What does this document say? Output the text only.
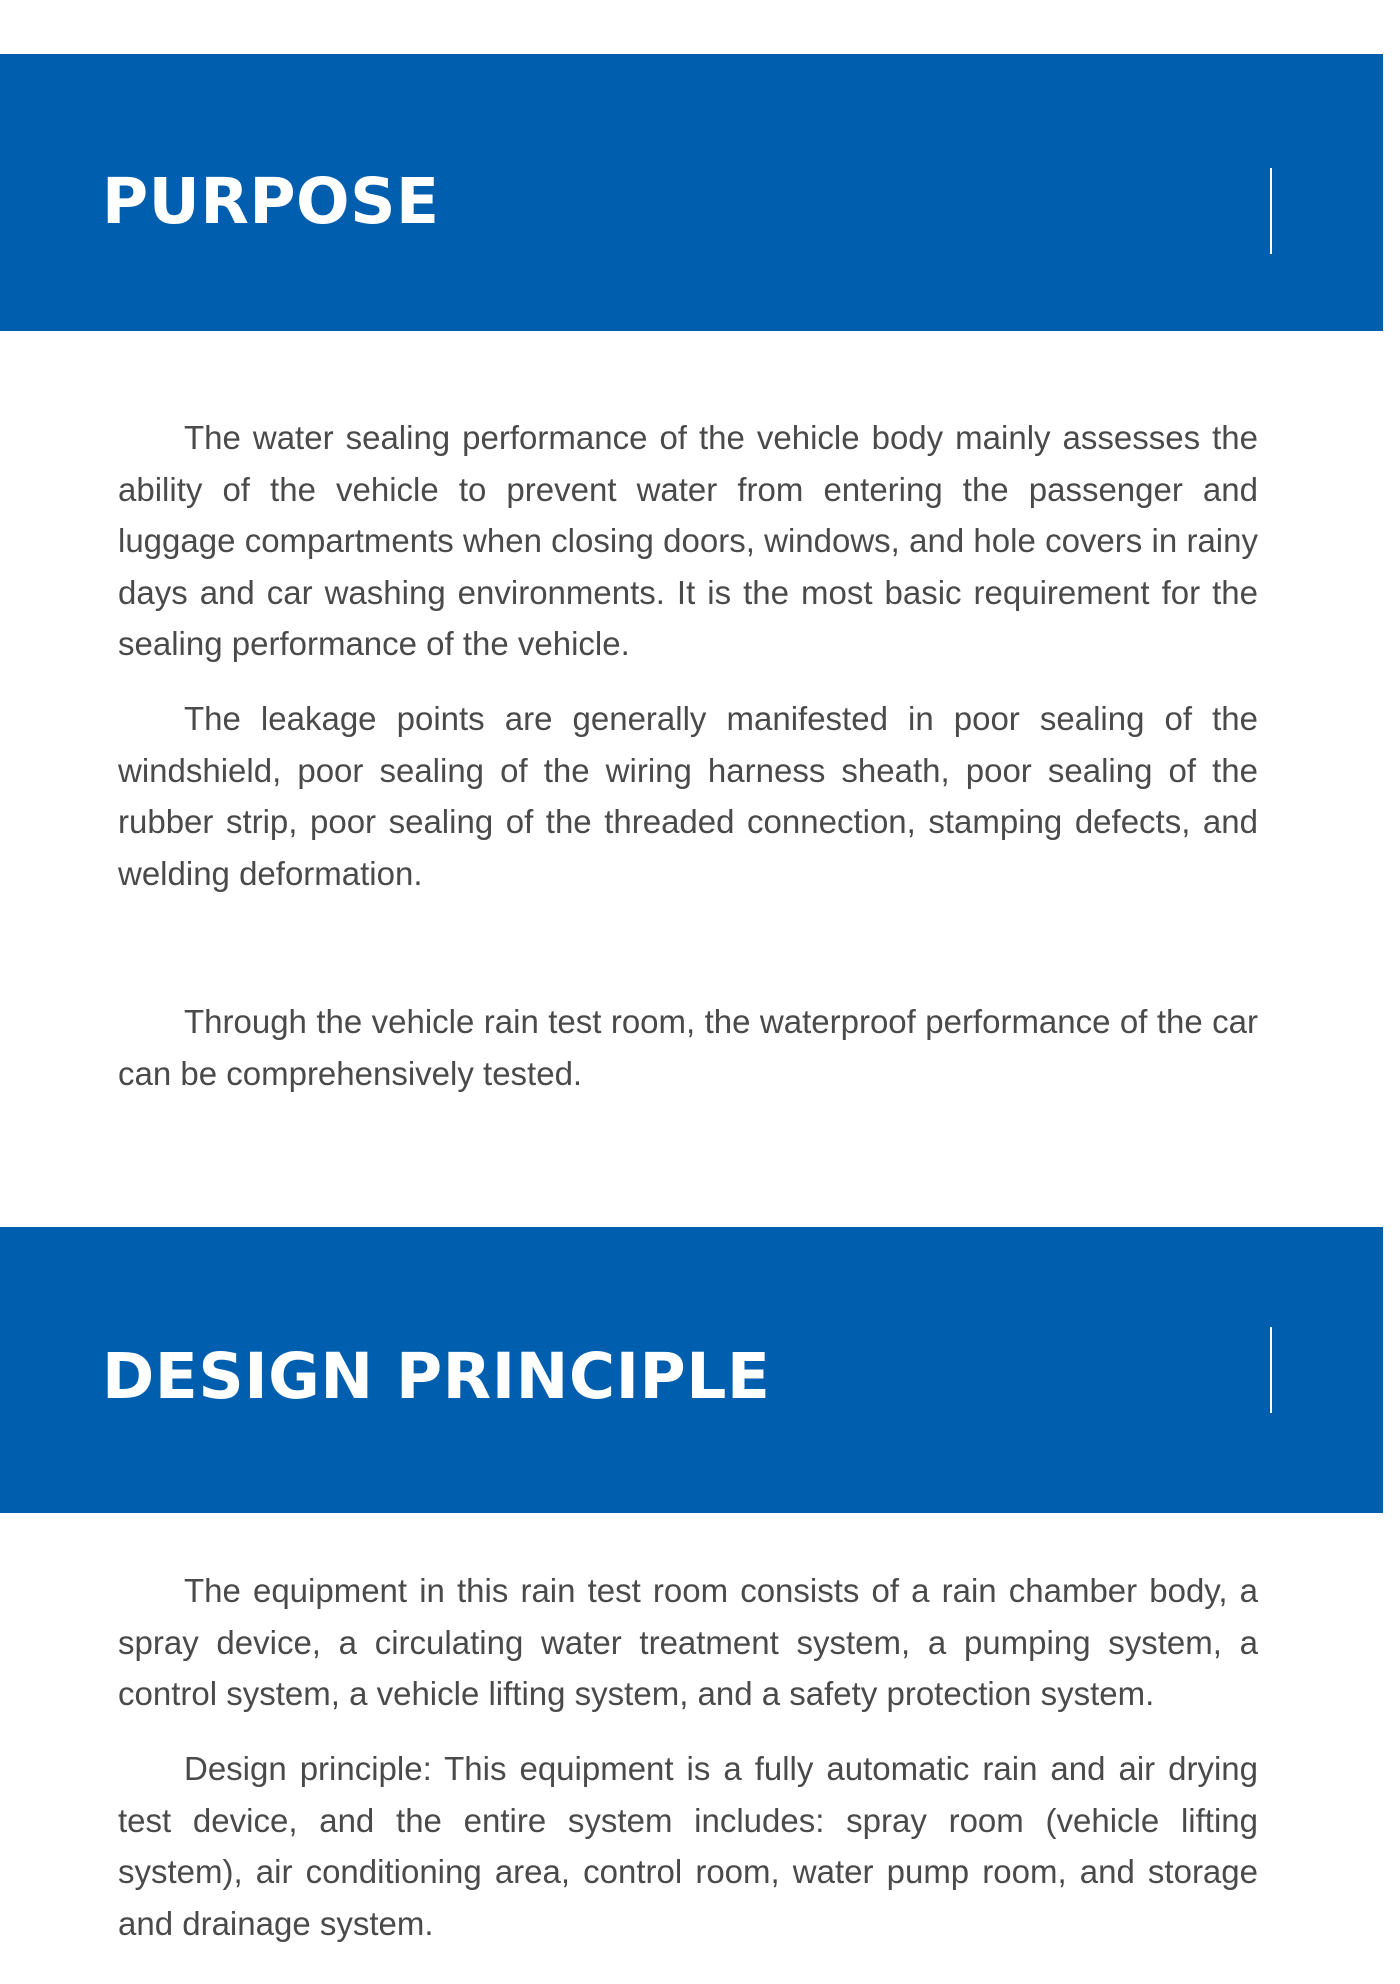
PURPOSE

The water sealing performance of the vehicle body mainly assesses the ability of the vehicle to prevent water from entering the passenger and luggage compartments when closing doors, windows, and hole covers in rainy days and car washing environments. It is the most basic requirement for the sealing performance of the vehicle.

The leakage points are generally manifested in poor sealing of the windshield, poor sealing of the wiring harness sheath, poor sealing of the rubber strip, poor sealing of the threaded connection, stamping defects, and welding deformation.

Through the vehicle rain test room, the waterproof performance of the car can be comprehensively tested.

DESIGN PRINCIPLE

The equipment in this rain test room consists of a rain chamber body, a spray device, a circulating water treatment system, a pumping system, a control system, a vehicle lifting system, and a safety protection system.

Design principle: This equipment is a fully automatic rain and air drying test device, and the entire system includes: spray room (vehicle lifting system), air conditioning area, control room, water pump room, and storage and drainage system.
